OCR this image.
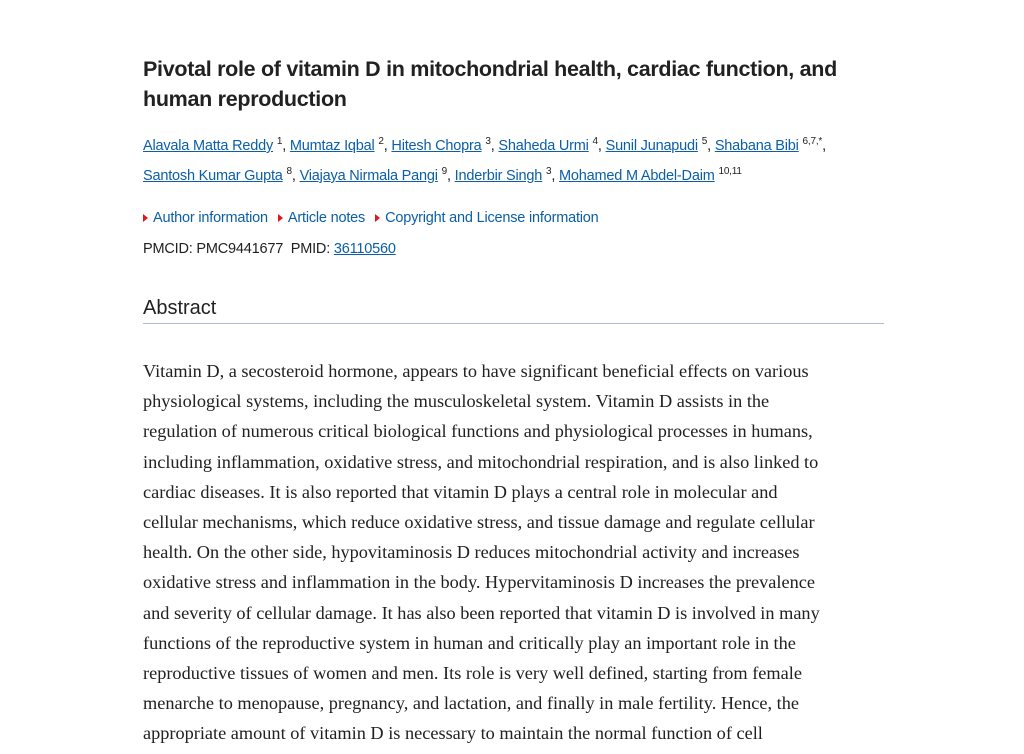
Pivotal role of vitamin D in mitochondrial health, cardiac function, and human reproduction
Alavala Matta Reddy $^1$, Mumtaz Iqbal $^2$, Hitesh Chopra $^3$, Shaheda Urmi $^4$, Sunil Junapudi $^5$, Shabana Bibi $^{6,7,*}$,
Santosh Kumar Gupta $^8$, Viajaya Nirmala Pangi $^9$, Inderbir Singh $^3$, Mohamed M Abdel-Daim $^{10,11}$
Author information Article notes Copyright and License information
PMCID: PMC9441677 PMID: 36110560
Abstract

Vitamin D, a secosteroid hormone, appears to have significant beneficial effects on various
physiological systems, including the musculoskeletal system. Vitamin D assists in the
regulation of numerous critical biological functions and physiological processes in humans,
including inflammation, oxidative stress, and mitochondrial respiration, and is also linked to
cardiac diseases. It is also reported that vitamin D plays a central role in molecular and
cellular mechanisms, which reduce oxidative stress, and tissue damage and regulate cellular
health. On the other side, hypovitaminosis D reduces mitochondrial activity and increases
oxidative stress and inflammation in the body. Hypervitaminosis D increases the prevalence
and severity of cellular damage. It has also been reported that vitamin D is involved in many
functions of the reproductive system in human and critically play an important role in the
reproductive tissues of women and men. Its role is very well defined, starting from female
menarche to menopause, pregnancy, and lactation, and finally in male fertility. Hence, the
appropriate amount of vitamin D is necessary to maintain the normal function of cell
